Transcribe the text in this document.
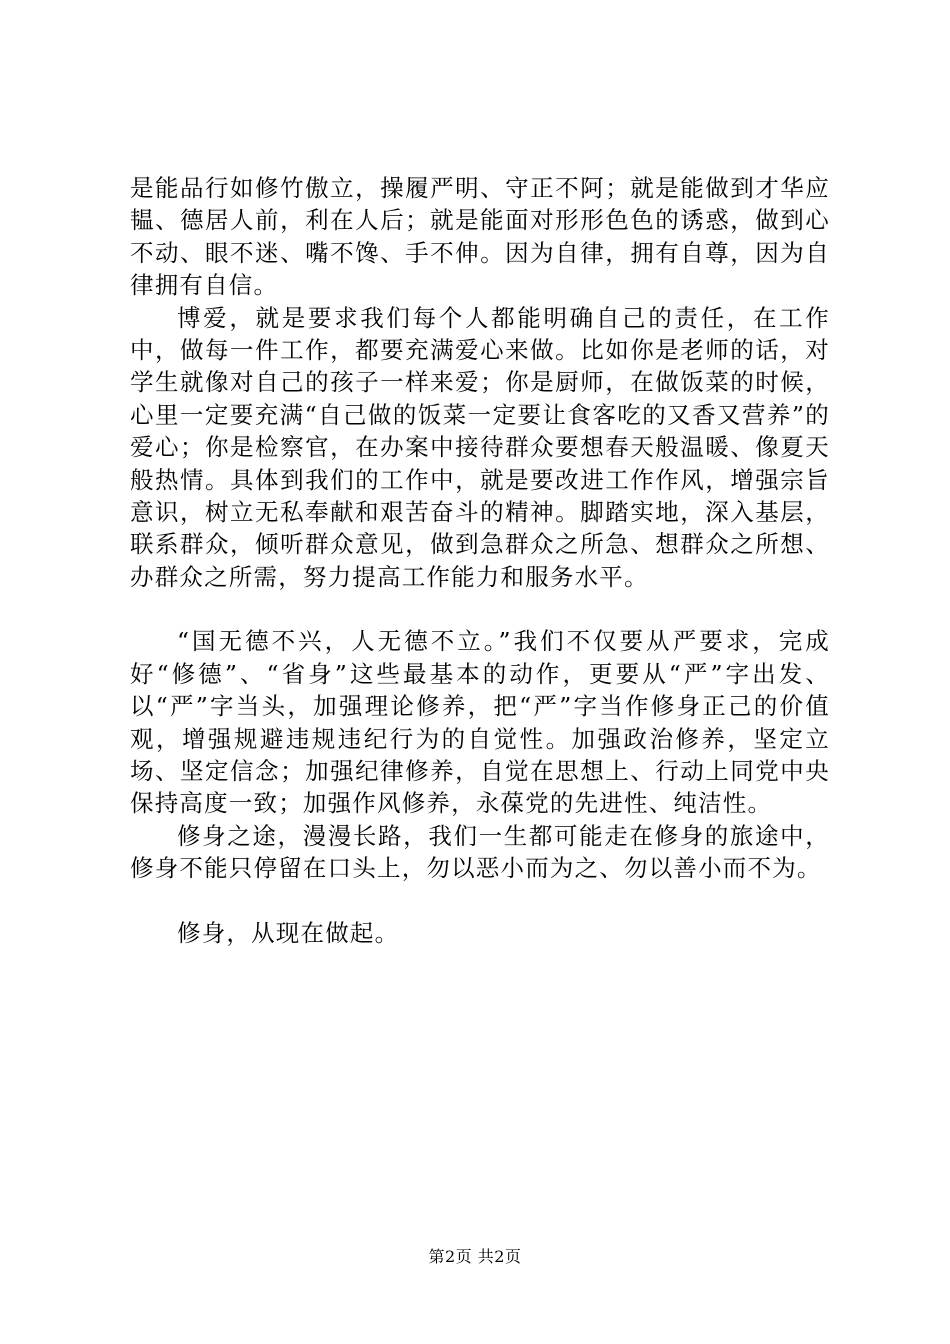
是能品行如修竹傲立，操履严明、守正不阿；就是能做到才华应韫、德居人前，利在人后；就是能面对形形色色的诱惑，做到心不动、眼不迷、嘴不馋、手不伸。因为自律，拥有自尊，因为自律拥有自信。

博爱，就是要求我们每个人都能明确自己的责任，在工作中，做每一件工作，都要充满爱心来做。比如你是老师的话，对学生就像对自己的孩子一样来爱；你是厨师，在做饭菜的时候，心里一定要充满“自己做的饭菜一定要让食客吃的又香又营养”的爱心；你是检察官，在办案中接待群众要想春天般温暖、像夏天般热情。具体到我们的工作中，就是要改进工作作风，增强宗旨意识，树立无私奉献和艰苦奋斗的精神。脚踏实地，深入基层，联系群众，倾听群众意见，做到急群众之所急、想群众之所想、办群众之所需，努力提高工作能力和服务水平。

“国无德不兴，人无德不立。”我们不仅要从严要求，完成好“修德”、“省身”这些最基本的动作，更要从“严”字出发、以“严”字当头，加强理论修养，把“严”字当作修身正己的价值观，增强规避违规违纪行为的自觉性。加强政治修养，坚定立场、坚定信念；加强纪律修养，自觉在思想上、行动上同党中央保持高度一致；加强作风修养，永葆党的先进性、纯洁性。

修身之途，漫漫长路，我们一生都可能走在修身的旅途中，修身不能只停留在口头上，勿以恶小而为之、勿以善小而不为。

修身，从现在做起。

第2页 共2页
